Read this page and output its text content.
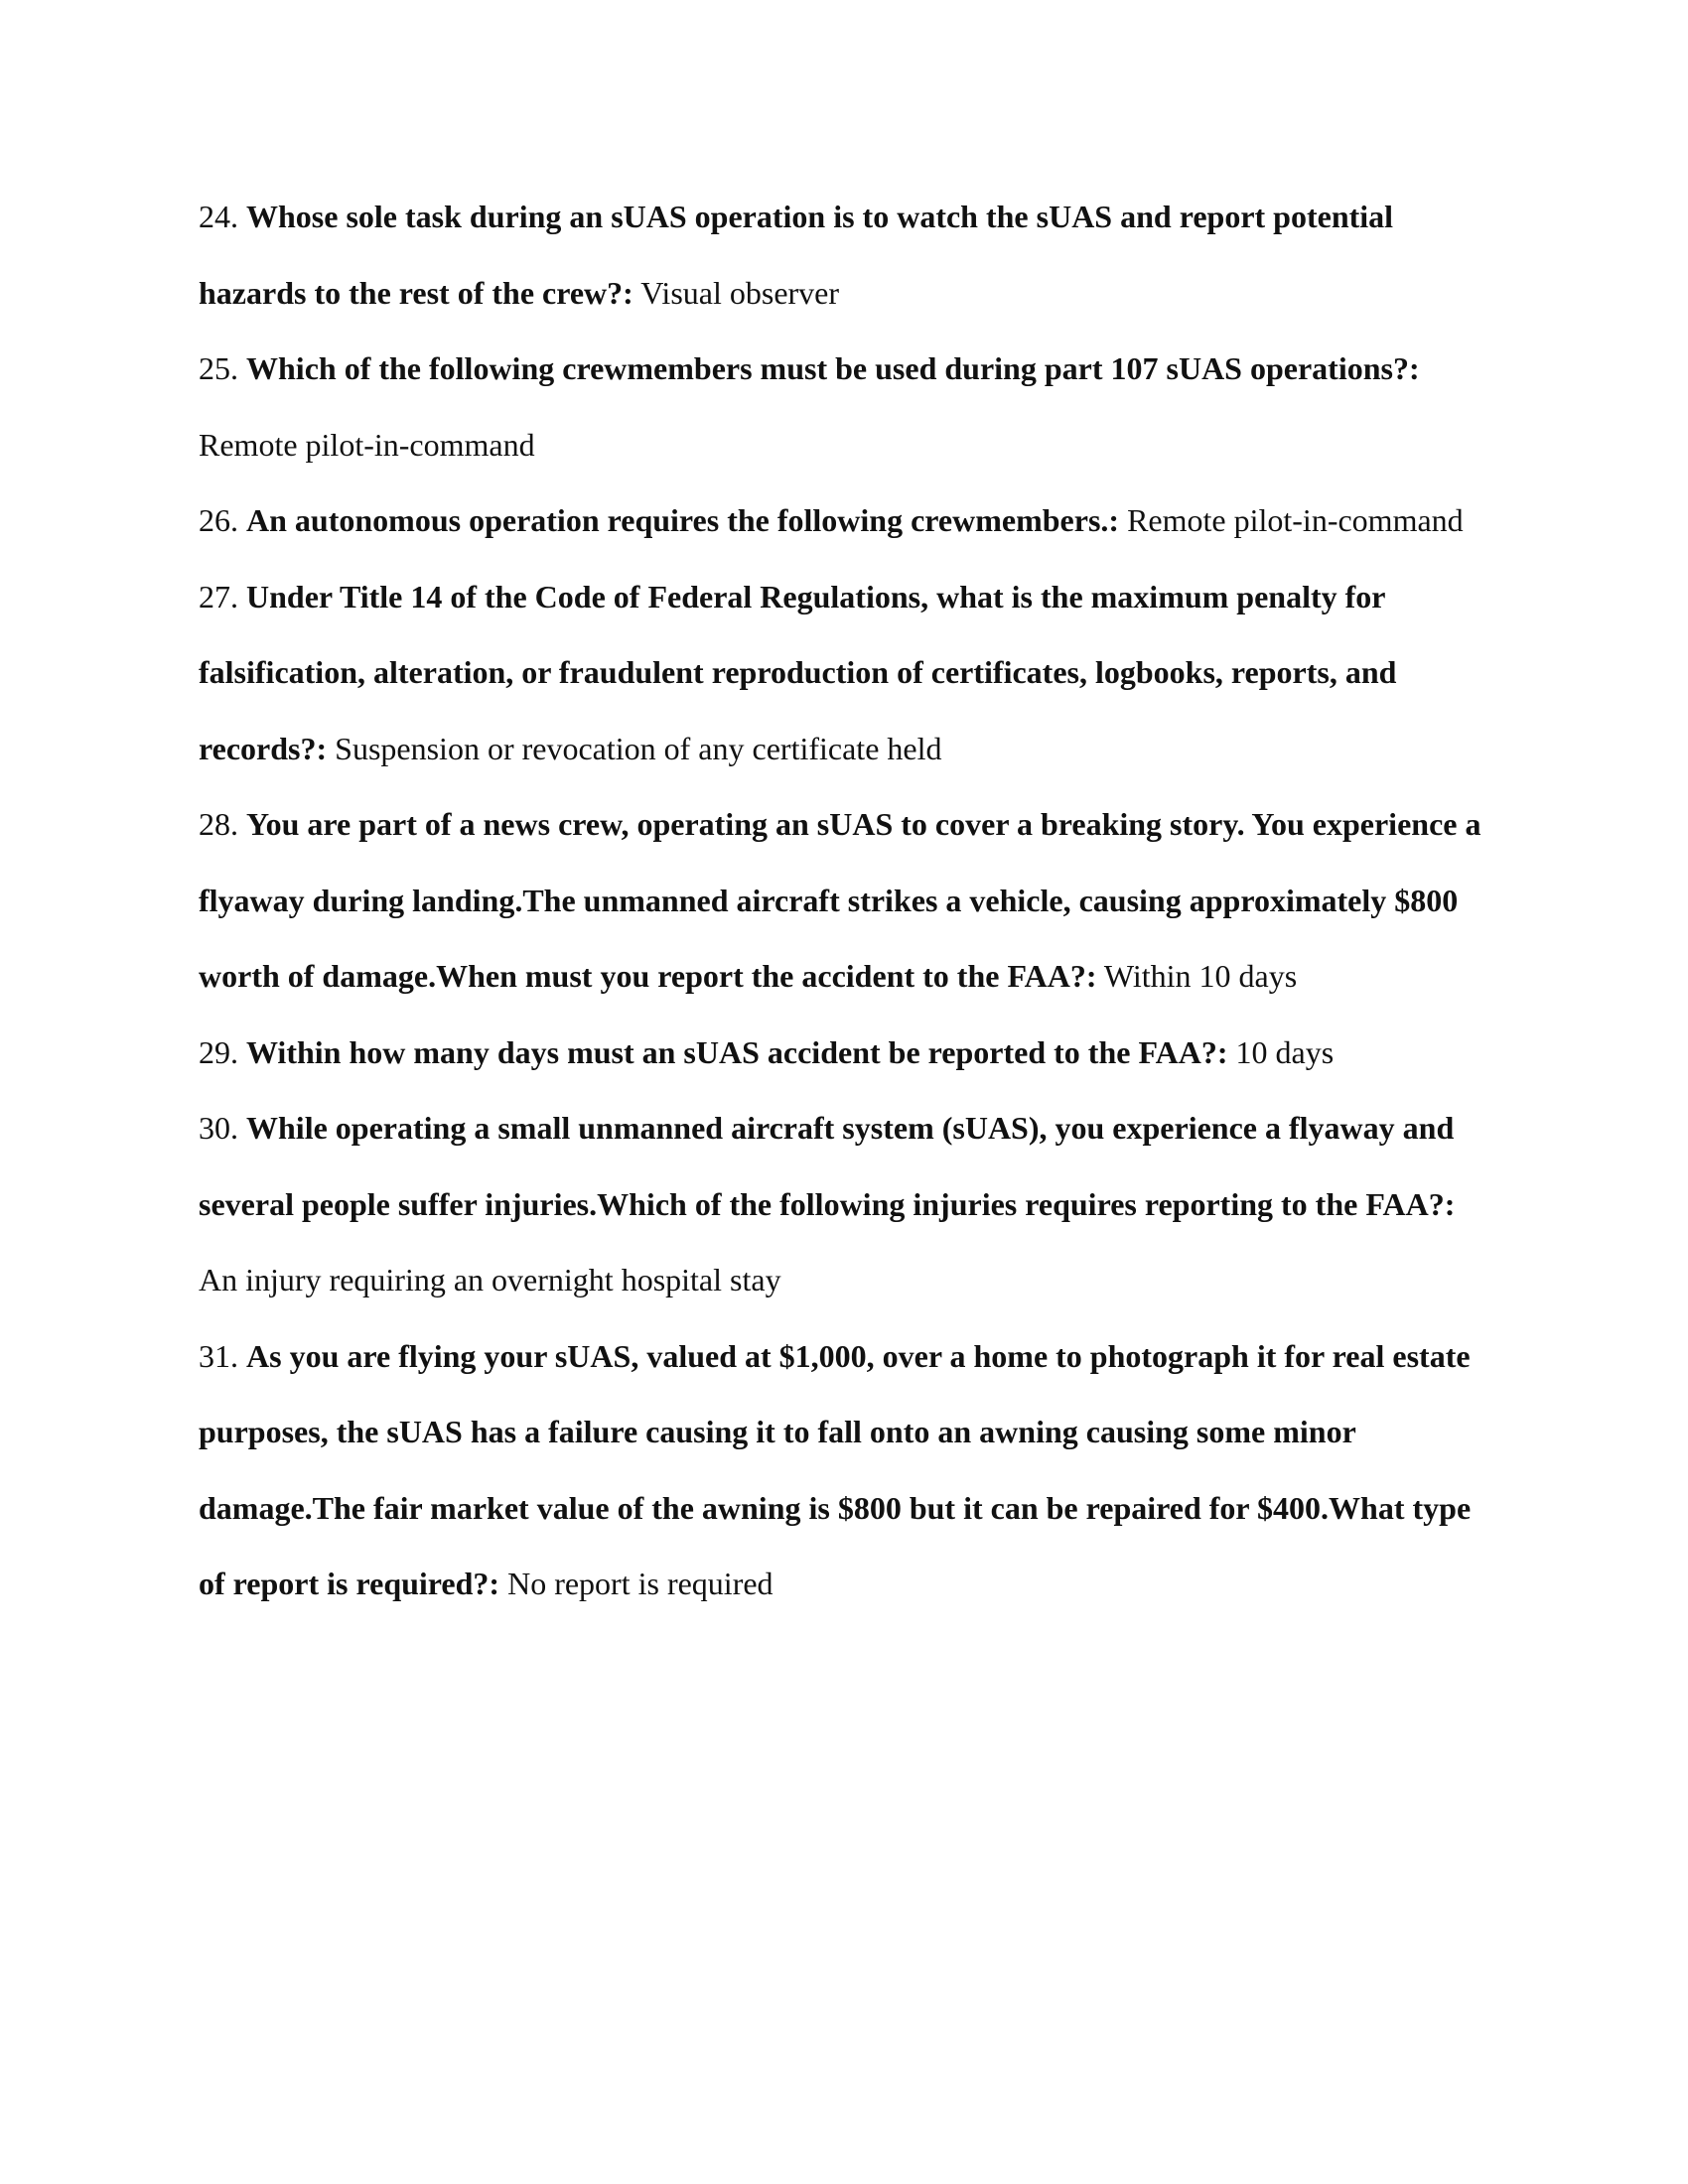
24. Whose sole task during an sUAS operation is to watch the sUAS and report potential hazards to the rest of the crew?: Visual observer

25. Which of the following crewmembers must be used during part 107 sUAS operations?: Remote pilot-in-command

26. An autonomous operation requires the following crewmembers.: Remote pilot-in-command

27. Under Title 14 of the Code of Federal Regulations, what is the maximum penalty for falsification, alteration, or fraudulent reproduction of certificates, logbooks, reports, and records?: Suspension or revocation of any certificate held

28. You are part of a news crew, operating an sUAS to cover a breaking story. You experience a flyaway during landing.The unmanned aircraft strikes a vehicle, causing approximately $800 worth of damage.When must you report the accident to the FAA?: Within 10 days

29. Within how many days must an sUAS accident be reported to the FAA?: 10 days

30. While operating a small unmanned aircraft system (sUAS), you experience a flyaway and several people suffer injuries.Which of the following injuries requires reporting to the FAA?: An injury requiring an overnight hospital stay

31. As you are flying your sUAS, valued at $1,000, over a home to photograph it for real estate purposes, the sUAS has a failure causing it to fall onto an awning causing some minor damage.The fair market value of the awning is $800 but it can be repaired for $400.What type of report is required?: No report is required
